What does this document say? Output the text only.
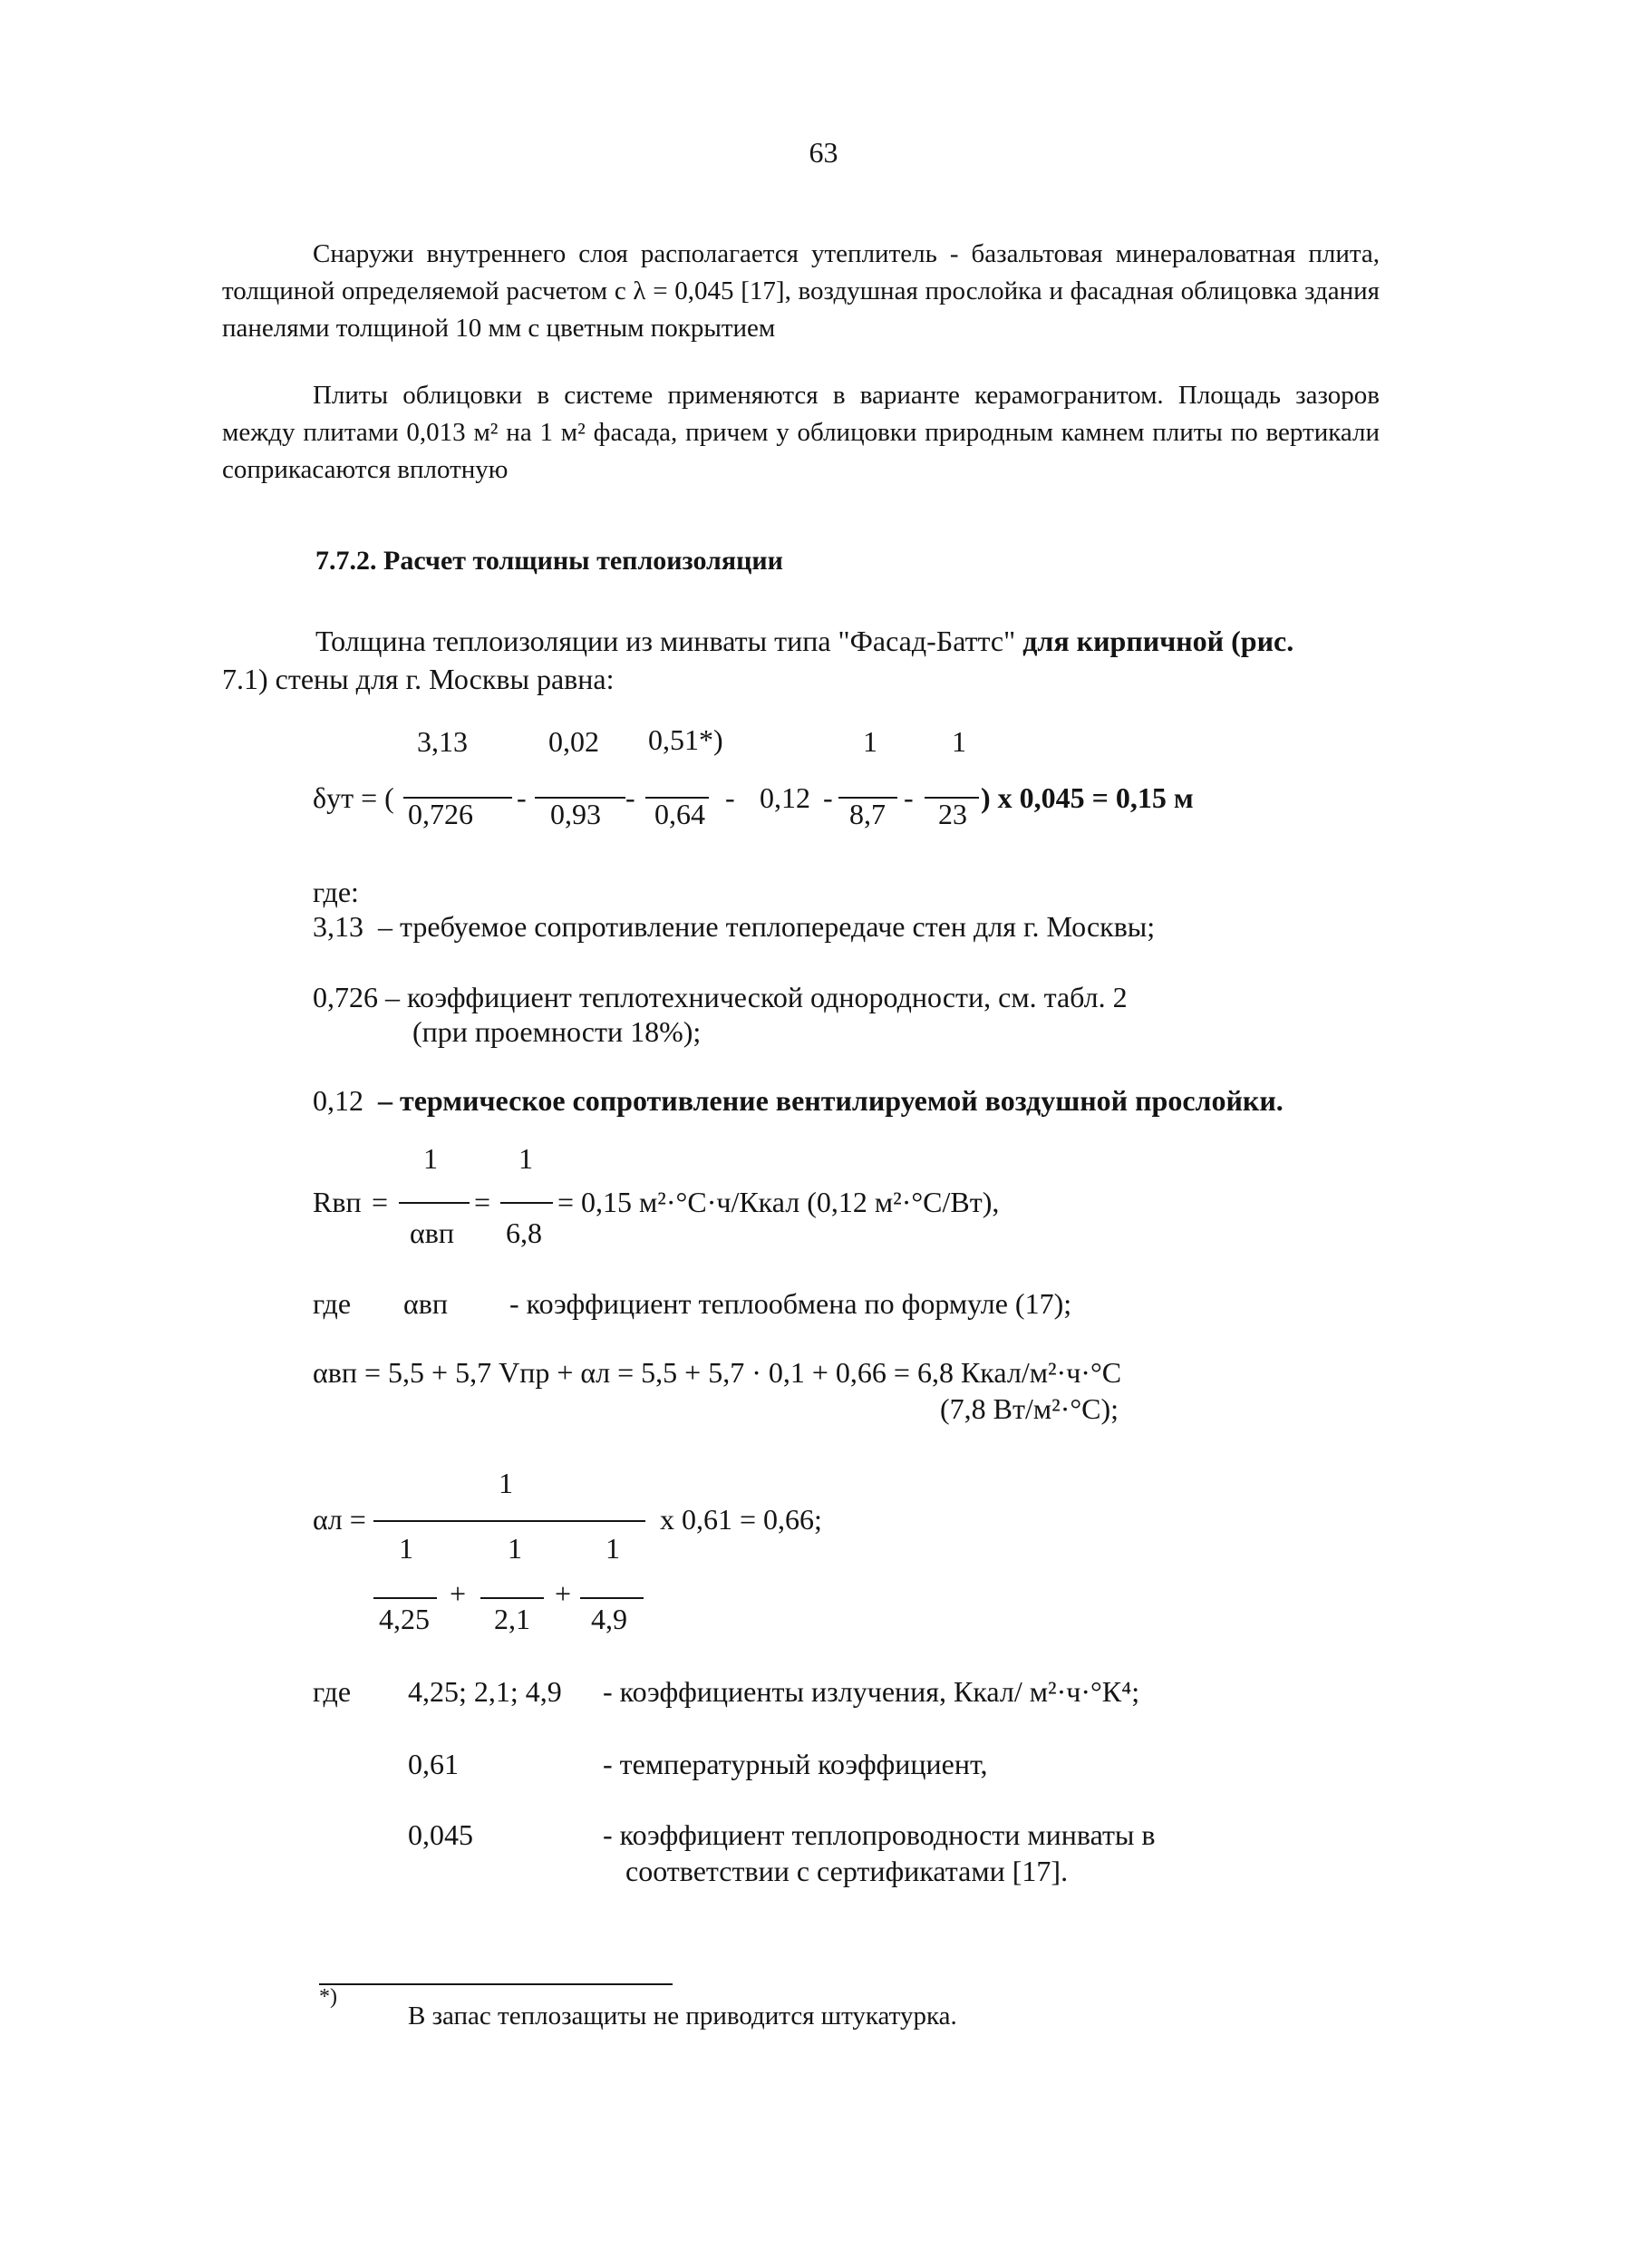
63
Снаружи внутреннего слоя располагается утеплитель - базальтовая минераловатная плита, толщиной определяемой расчетом с λ = 0,045 [17], воздушная прослойка и фасадная облицовка здания панелями толщиной 10 мм с цветным покрытием
Плиты облицовки в системе применяются в варианте керамогранитом. Площадь зазоров между плитами 0,013 м² на 1 м² фасада, причем у облицовки природным камнем плиты по вертикали соприкасаются вплотную
7.7.2. Расчет толщины теплоизоляции
Толщина теплоизоляции из минваты типа "Фасад-Баттс" для кирпичной (рис.
7.1) стены для г. Москвы равна:
δут = (
3,13
0,726 -
0,02
0,93 -
0,51*)
0,64 - 0,12 -
1
8,7 -
1
23 ) x 0,045 = 0,15 м
где:
3,13 – требуемое сопротивление теплопередаче стен для г. Москвы;
0,726 – коэффициент теплотехнической однородности, см. табл. 2
(при проемности 18%);
0,12 – термическое сопротивление вентилируемой воздушной прослойки.
Rвп =
1
αвп
=
1
6,8
= 0,15 м²·°С·ч/Ккал (0,12 м²·°С/Вт),
где αвп - коэффициент теплообмена по формуле (17);
αвп = 5,5 + 5,7 Vпр + αл = 5,5 + 5,7 · 0,1 + 0,66 = 6,8 Ккал/м²·ч·°С
(7,8 Вт/м²·°С);
αл =
1
x 0,61 = 0,66;
1
4,25
+
1
2,1
+
1
4,9
где 4,25; 2,1; 4,9 - коэффициенты излучения, Ккал/ м²·ч·°К⁴;
0,61	- температурный коэффициент,
0,045	- коэффициент теплопроводности минваты в
соответствии с сертификатами [17].
*)
В запас теплозащиты не приводится штукатурка.
